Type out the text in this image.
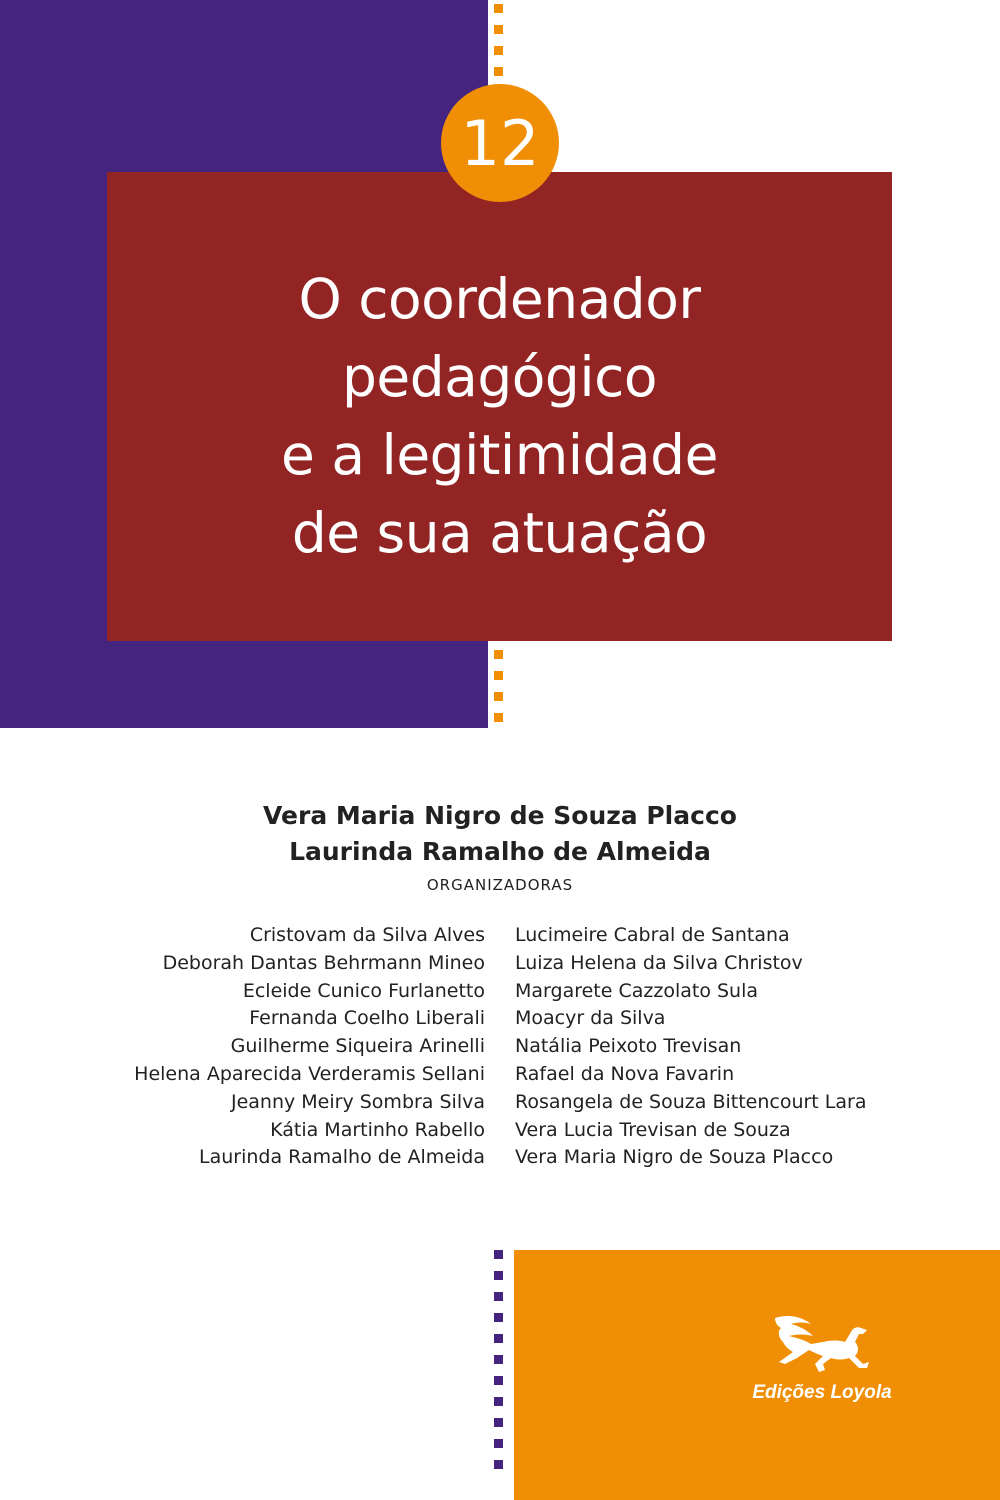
O coordenador
pedagógico
e a legitimidade
de sua atuação
12

Vera Maria Nigro de Souza Placco

Laurinda Ramalho de Almeida

ORGANIZADORAS
Cristovam da Silva Alves
Deborah Dantas Behrmann Mineo
Ecleide Cunico Furlanetto
Fernanda Coelho Liberali
Guilherme Siqueira Arinelli
Helena Aparecida Verderamis Sellani
Jeanny Meiry Sombra Silva
Kátia Martinho Rabello
Laurinda Ramalho de Almeida
Lucimeire Cabral de Santana
Luiza Helena da Silva Christov
Margarete Cazzolato Sula
Moacyr da Silva
Natália Peixoto Trevisan
Rafael da Nova Favarin
Rosangela de Souza Bittencourt Lara
Vera Lucia Trevisan de Souza
Vera Maria Nigro de Souza Placco
Edições Loyola
